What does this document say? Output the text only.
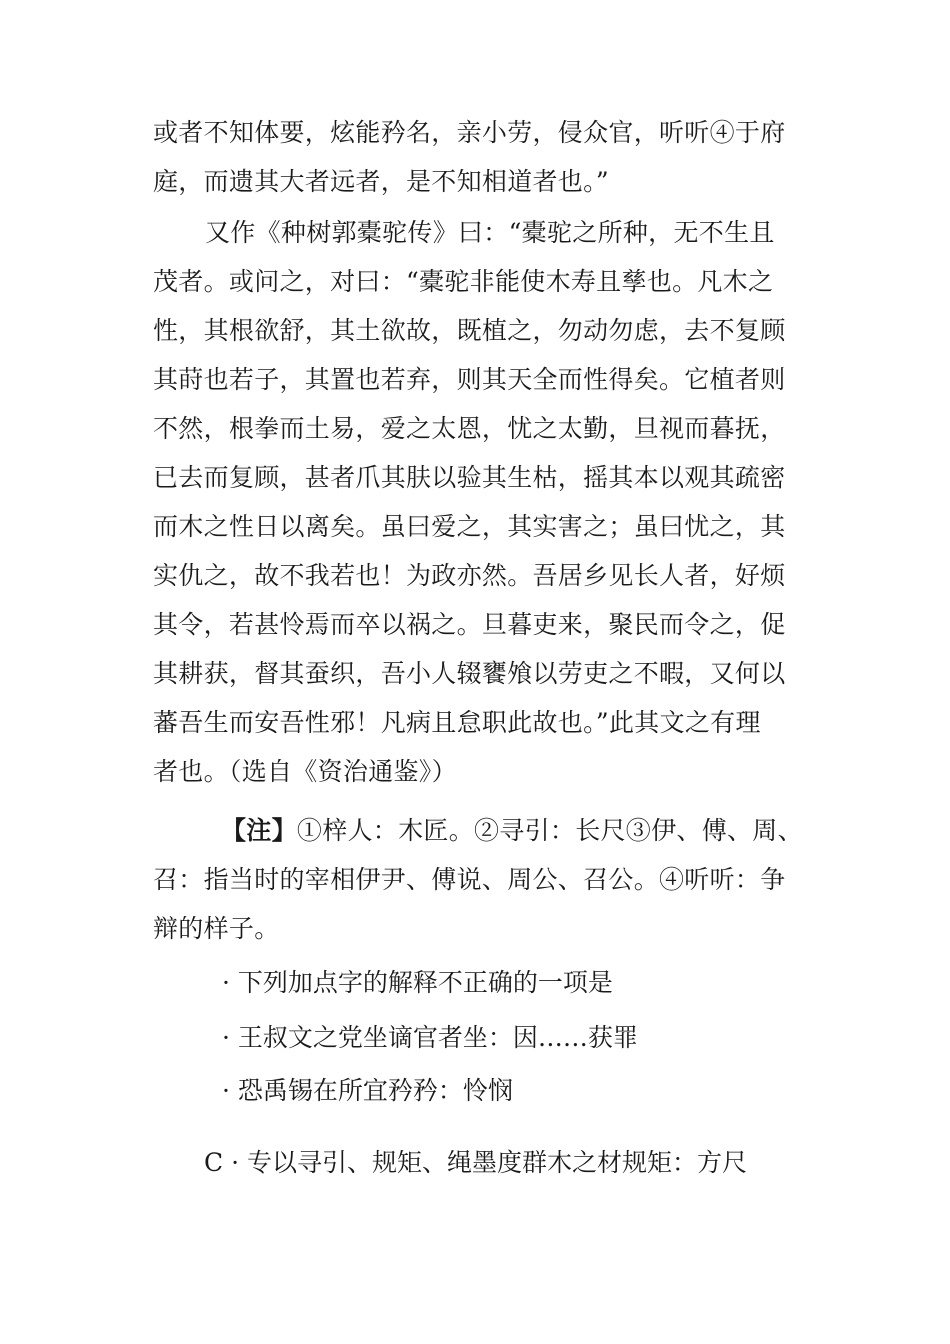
或者不知体要，炫能矜名，亲小劳，侵众官，听听④于府
庭，而遗其大者远者，是不知相道者也。”
又作《种树郭橐驼传》曰：“橐驼之所种，无不生且
茂者。或问之，对曰：“橐驼非能使木寿且孳也。凡木之
性，其根欲舒，其土欲故，既植之，勿动勿虑，去不复顾
其莳也若子，其置也若弃，则其天全而性得矣。它植者则
不然，根拳而土易，爱之太恩，忧之太勤，旦视而暮抚，
已去而复顾，甚者爪其肤以验其生枯，摇其本以观其疏密
而木之性日以离矣。虽曰爱之，其实害之；虽曰忧之，其
实仇之，故不我若也！为政亦然。吾居乡见长人者，好烦
其令，若甚怜焉而卒以祸之。旦暮吏来，聚民而令之，促
其耕获，督其蚕织，吾小人辍饔飧以劳吏之不暇，又何以
蕃吾生而安吾性邪！凡病且怠职此故也。”此其文之有理
者也。（选自《资治通鉴》）
【注】①梓人：木匠。②寻引：长尺③伊、傅、周、
召：指当时的宰相伊尹、傅说、周公、召公。④听听：争
辩的样子。
· 下列加点字的解释不正确的一项是
· 王叔文之党坐谪官者坐：因……获罪
· 恐禹锡在所宜矜矜：怜悯
C · 专以寻引、规矩、绳墨度群木之材规矩：方尺
